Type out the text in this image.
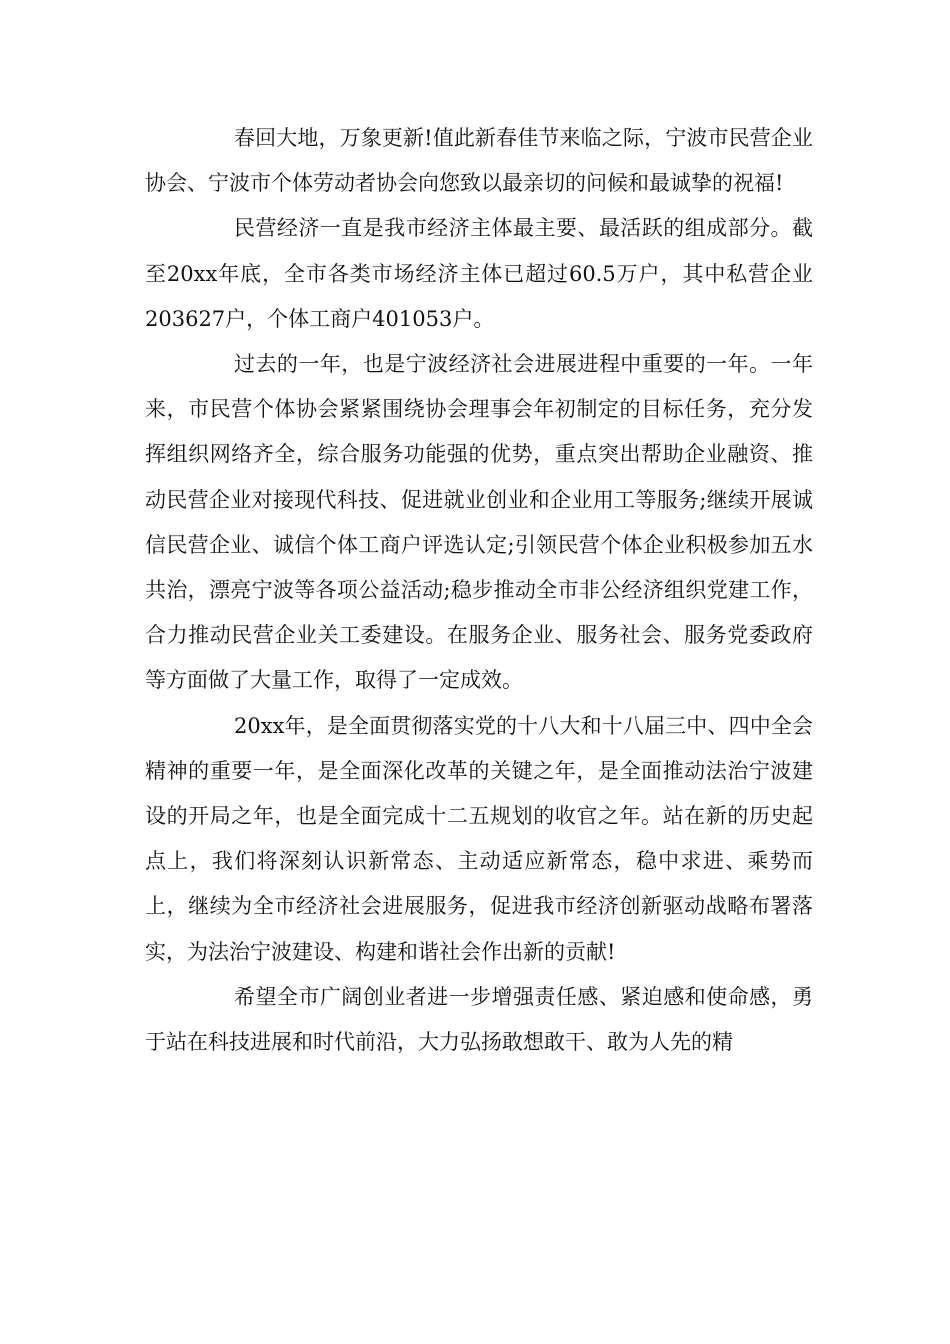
春回大地，万象更新!值此新春佳节来临之际，宁波市民营企业协会、宁波市个体劳动者协会向您致以最亲切的问候和最诚挚的祝福!

民营经济一直是我市经济主体最主要、最活跃的组成部分。截至20xx年底，全市各类市场经济主体已超过60.5万户，其中私营企业203627户，个体工商户401053户。

过去的一年，也是宁波经济社会进展进程中重要的一年。一年来，市民营个体协会紧紧围绕协会理事会年初制定的目标任务，充分发挥组织网络齐全，综合服务功能强的优势，重点突出帮助企业融资、推动民营企业对接现代科技、促进就业创业和企业用工等服务;继续开展诚信民营企业、诚信个体工商户评选认定;引领民营个体企业积极参加五水共治，漂亮宁波等各项公益活动;稳步推动全市非公经济组织党建工作，合力推动民营企业关工委建设。在服务企业、服务社会、服务党委政府等方面做了大量工作，取得了一定成效。

20xx年，是全面贯彻落实党的十八大和十八届三中、四中全会精神的重要一年，是全面深化改革的关键之年，是全面推动法治宁波建设的开局之年，也是全面完成十二五规划的收官之年。站在新的历史起点上，我们将深刻认识新常态、主动适应新常态，稳中求进、乘势而上，继续为全市经济社会进展服务，促进我市经济创新驱动战略布署落实，为法治宁波建设、构建和谐社会作出新的贡献!

希望全市广阔创业者进一步增强责任感、紧迫感和使命感，勇于站在科技进展和时代前沿，大力弘扬敢想敢干、敢为人先的精
